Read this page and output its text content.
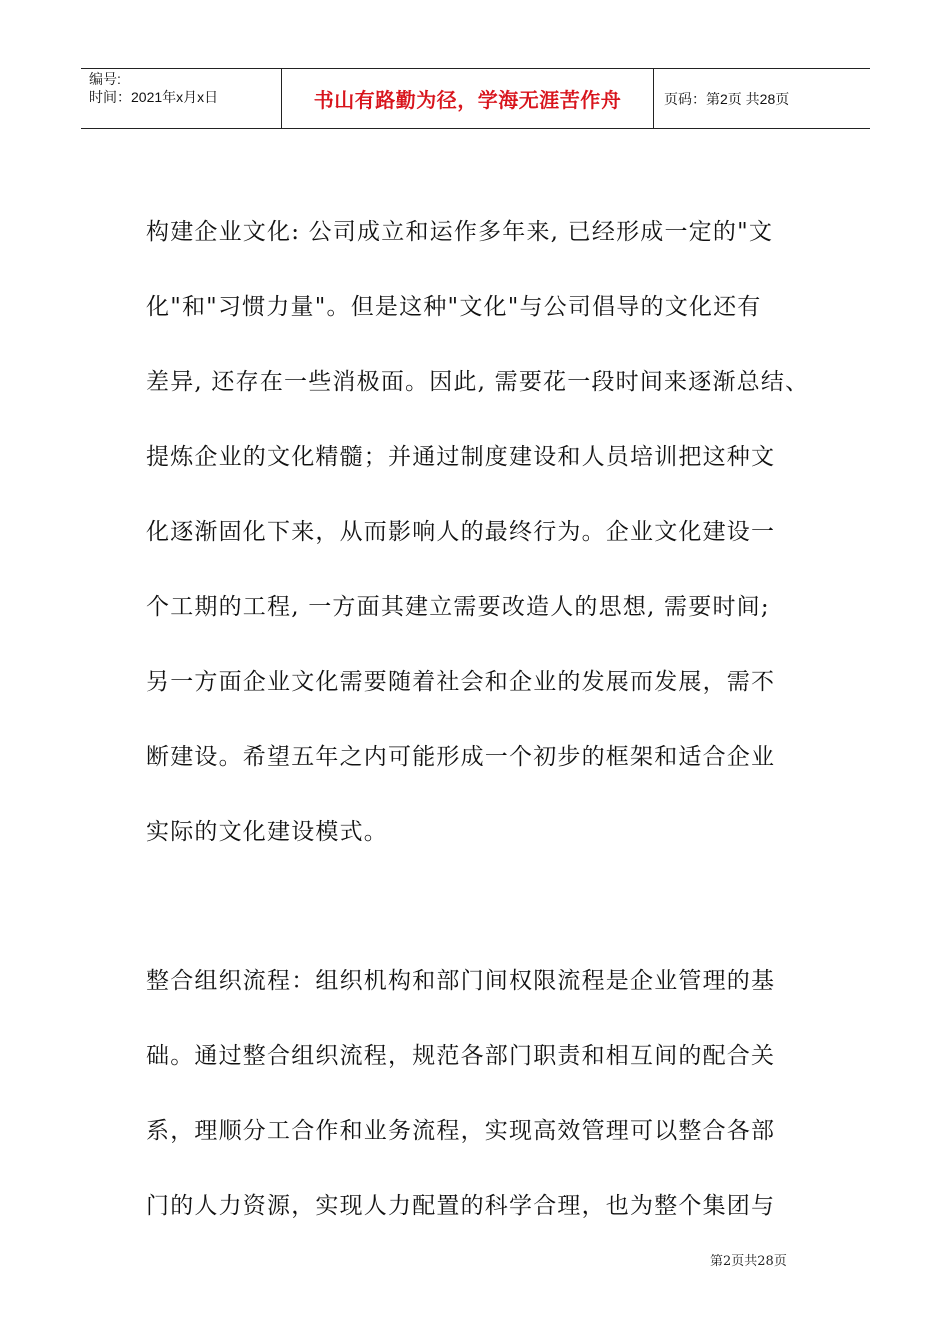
编号:
时间：2021年x月x日	书山有路勤为径，学海无涯苦作舟	页码：第2页 共28页
构建企业文化: 公司成立和运作多年来, 已经形成一定的"文
化"和"习惯力量"。但是这种"文化"与公司倡导的文化还有
差异, 还存在一些消极面。因此, 需要花一段时间来逐渐总结、
提炼企业的文化精髓；并通过制度建设和人员培训把这种文
化逐渐固化下来，从而影响人的最终行为。企业文化建设一
个工期的工程, 一方面其建立需要改造人的思想, 需要时间;
另一方面企业文化需要随着社会和企业的发展而发展，需不
断建设。希望五年之内可能形成一个初步的框架和适合企业
实际的文化建设模式。
整合组织流程：组织机构和部门间权限流程是企业管理的基
础。通过整合组织流程，规范各部门职责和相互间的配合关
系，理顺分工合作和业务流程，实现高效管理可以整合各部
门的人力资源，实现人力配置的科学合理，也为整个集团与
第2页共28页
